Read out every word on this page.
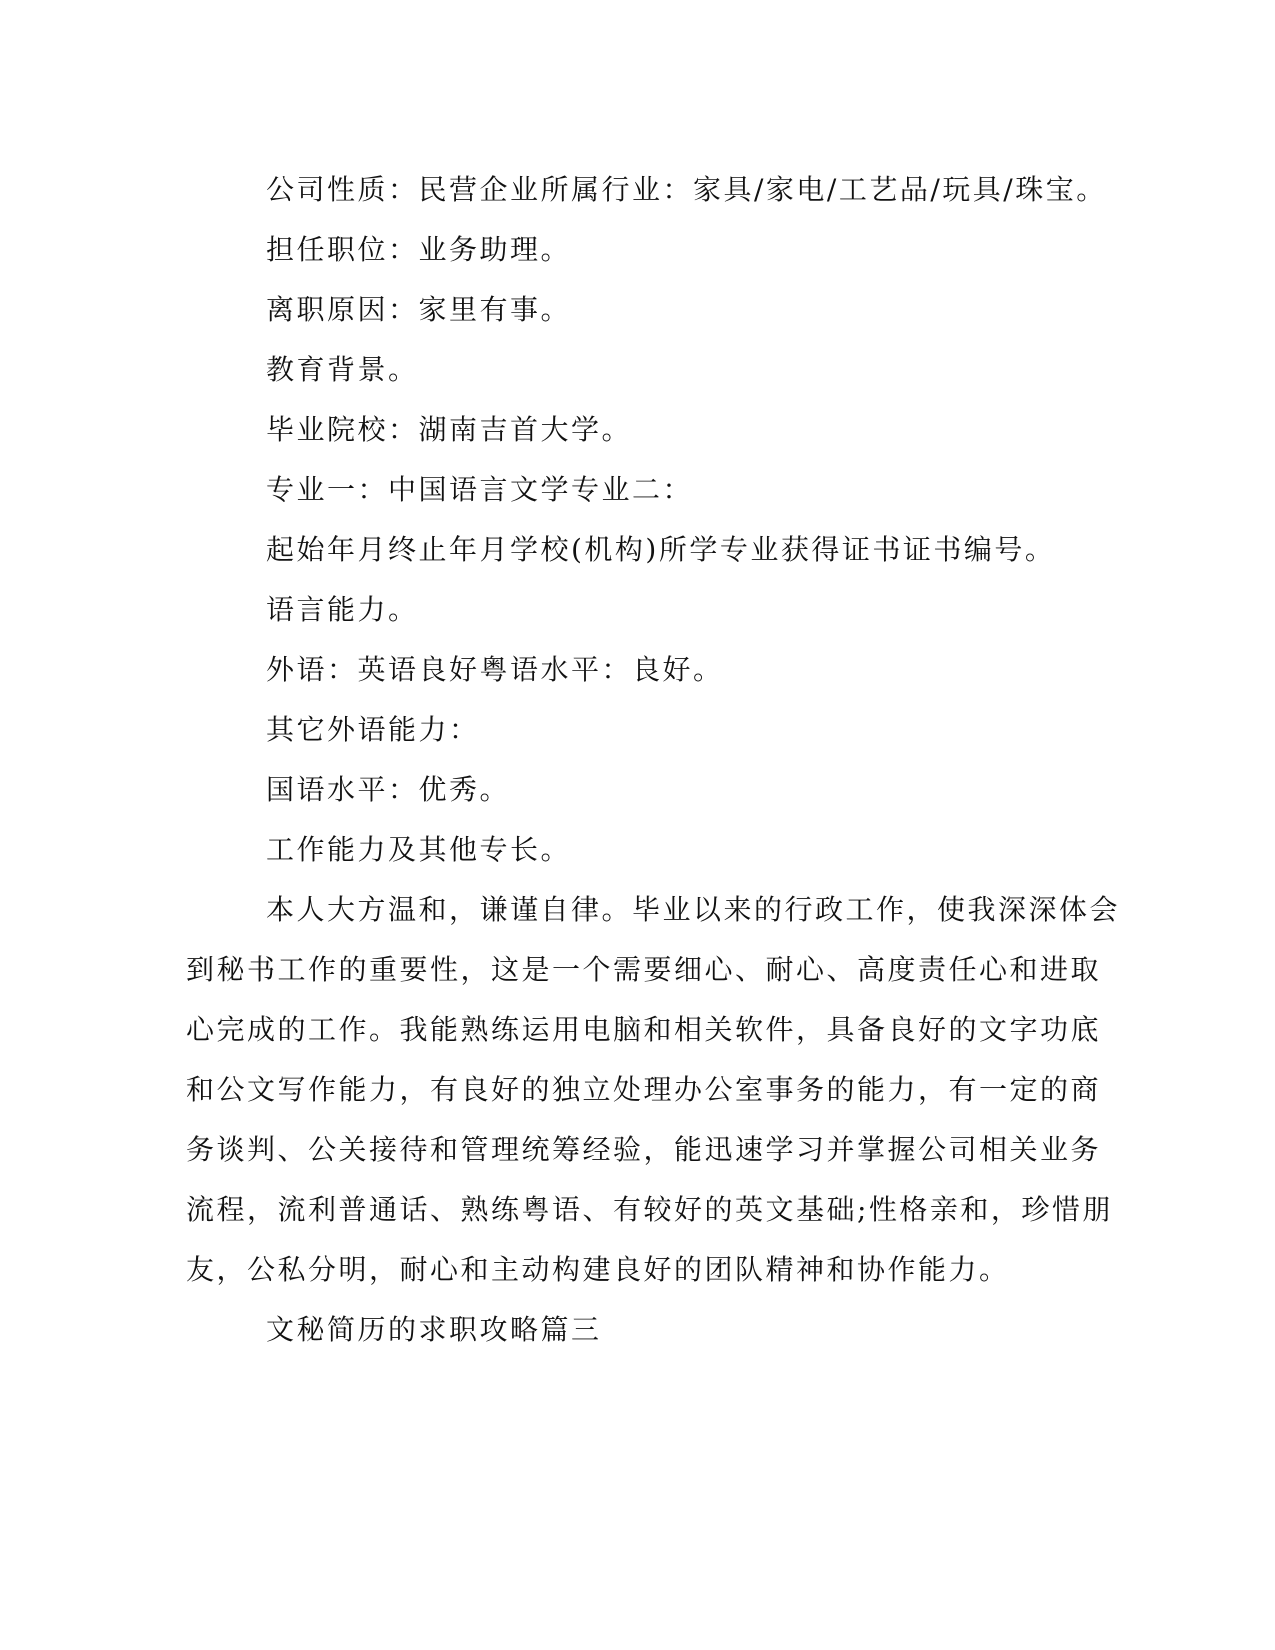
公司性质：民营企业所属行业：家具/家电/工艺品/玩具/珠宝。
担任职位：业务助理。
离职原因：家里有事。
教育背景。
毕业院校：湖南吉首大学。
专业一：中国语言文学专业二：
起始年月终止年月学校(机构)所学专业获得证书证书编号。
语言能力。
外语：英语良好粤语水平：良好。
其它外语能力：
国语水平：优秀。
工作能力及其他专长。
本人大方温和，谦谨自律。毕业以来的行政工作，使我深深体会
到秘书工作的重要性，这是一个需要细心、耐心、高度责任心和进取
心完成的工作。我能熟练运用电脑和相关软件，具备良好的文字功底
和公文写作能力，有良好的独立处理办公室事务的能力，有一定的商
务谈判、公关接待和管理统筹经验，能迅速学习并掌握公司相关业务
流程，流利普通话、熟练粤语、有较好的英文基础;性格亲和，珍惜朋
友，公私分明，耐心和主动构建良好的团队精神和协作能力。
文秘简历的求职攻略篇三
